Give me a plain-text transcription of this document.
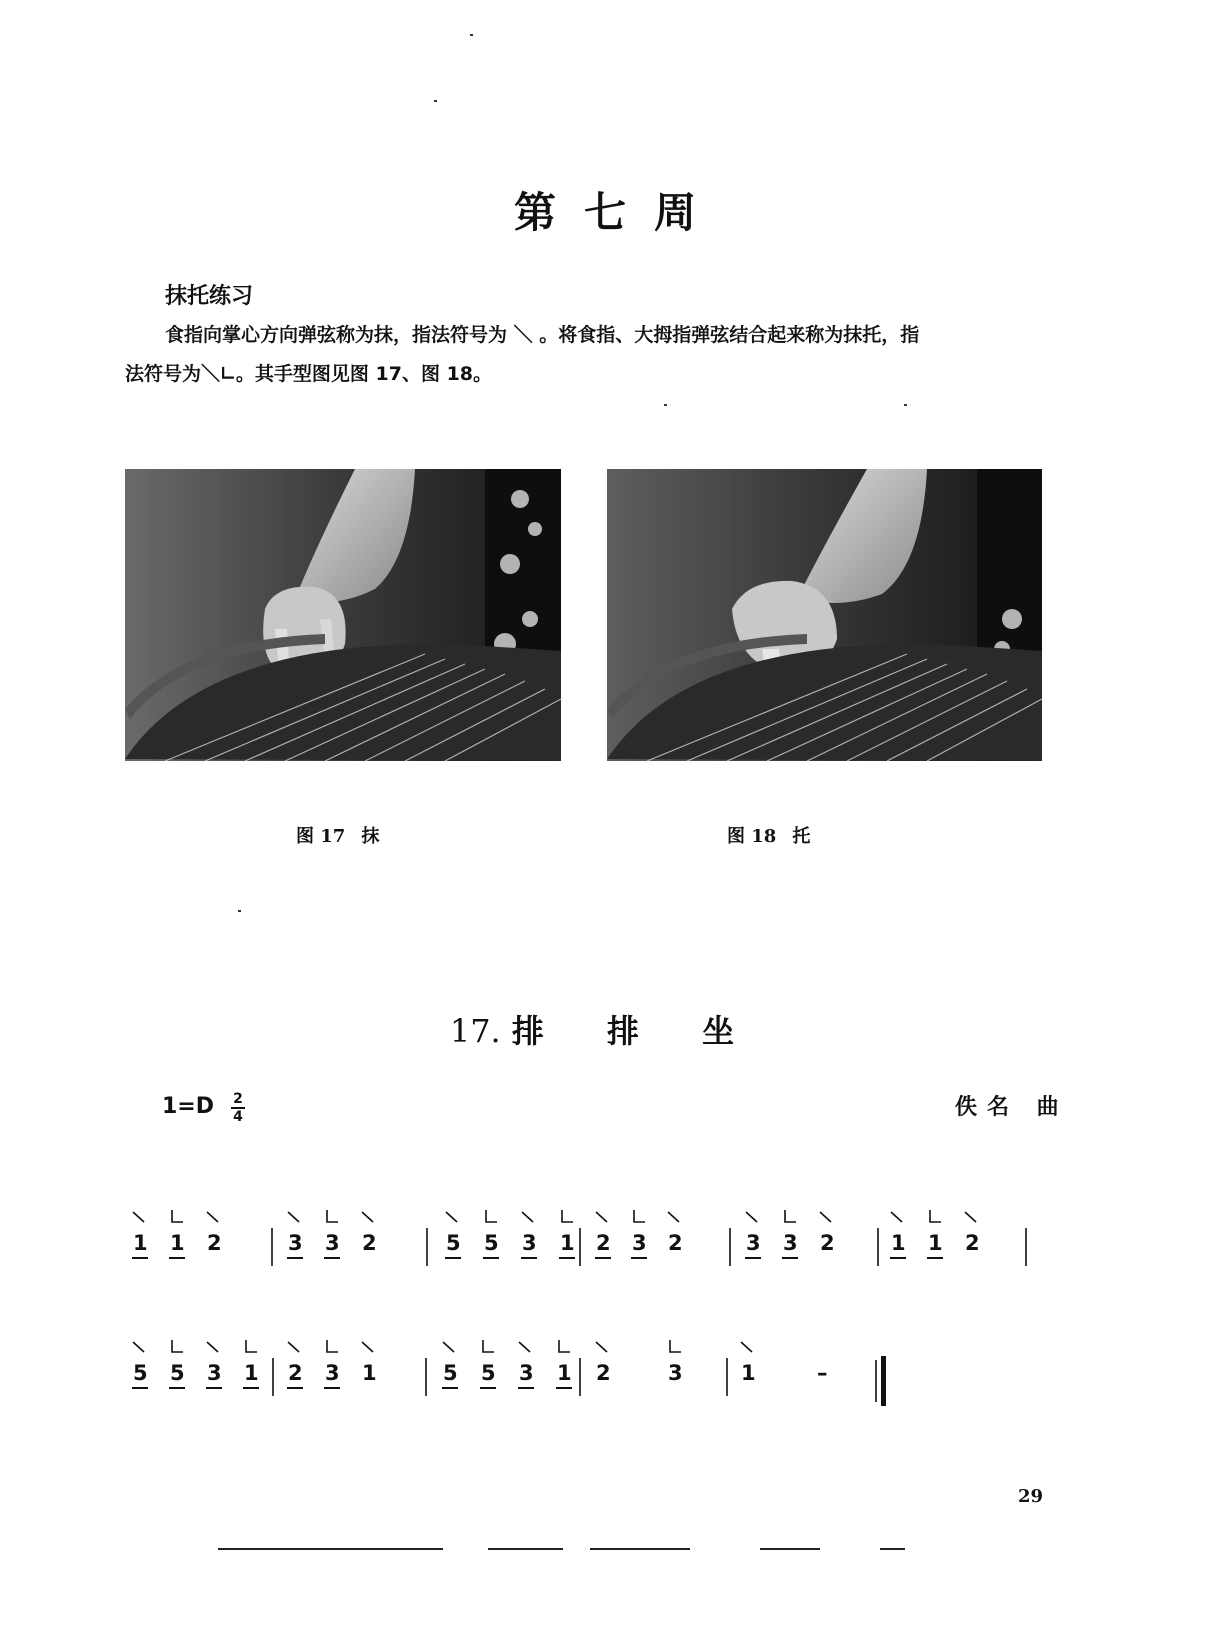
第七周
抹托练习
食指向掌心方向弹弦称为抹，指法符号为 ＼ 。将食指、大拇指弹弦结合起来称为抹托，指
法符号为＼∟。其手型图见图 17、图 18。
图 17 抹	图 18 托
17. 排 排 坐
1=D	2
4	佚名 曲
1 1 2	3 3 2	5 5 3 1 2 3 2	3 3 2	1 1 2
5 5 3 1 2 3 1	5 5 3 1 2	3	1	–
29
